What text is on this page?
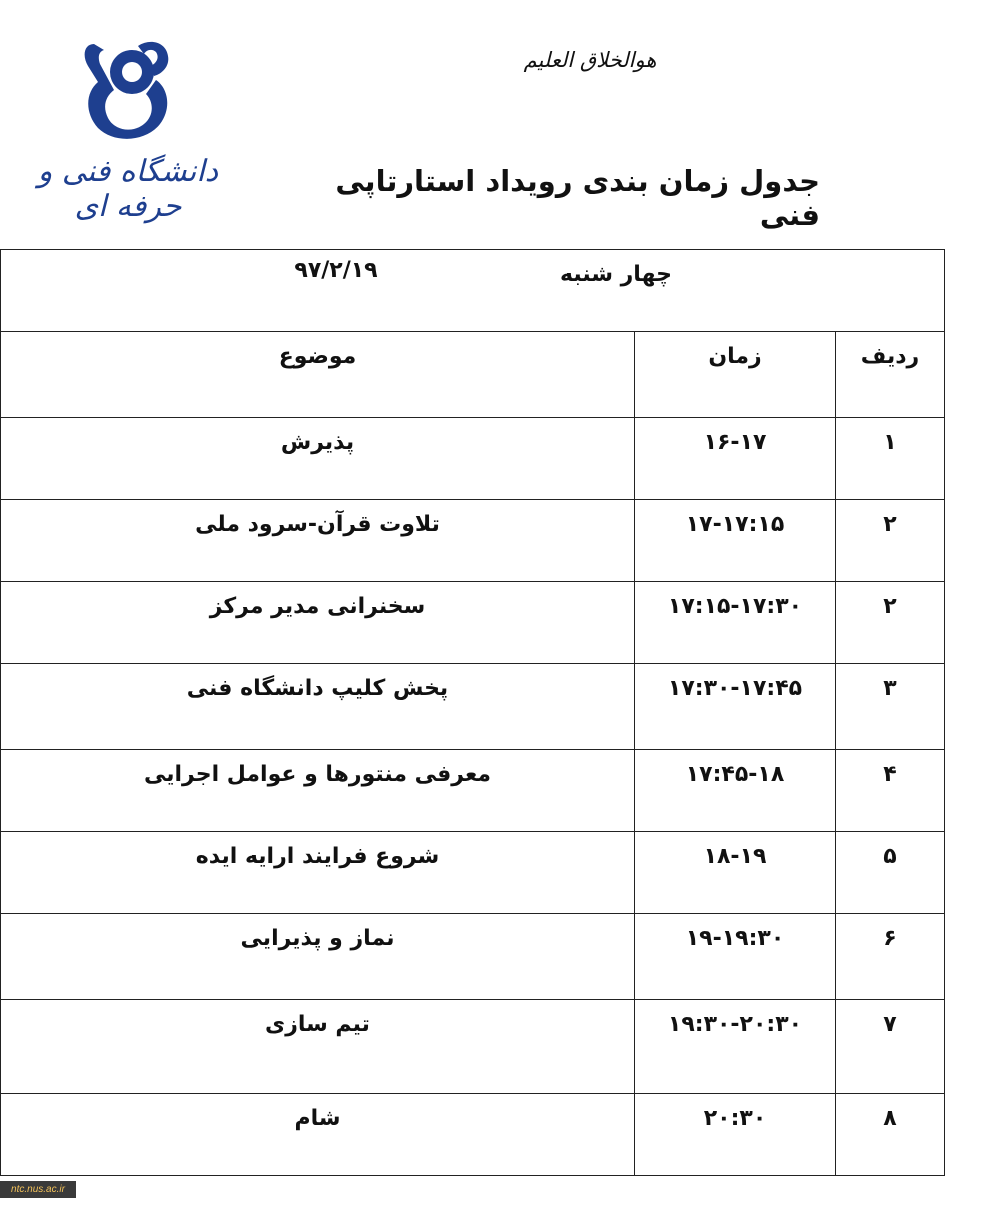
هوالخلاق العلیم
دانشگاه فنی و حرفه ای
جدول زمان بندی رویداد استارتاپی فنی
چهار شنبه
۹۷/۲/۱۹		

ردیف	زمان	موضوع
۱	۱۶-۱۷	پذیرش
۲	۱۷-۱۷:۱۵	تلاوت قرآن-سرود ملی
۲	۱۷:۱۵-۱۷:۳۰	سخنرانی مدیر مرکز
۳	۱۷:۳۰-۱۷:۴۵	پخش کلیپ دانشگاه فنی
۴	۱۷:۴۵-۱۸	معرفی منتورها و عوامل اجرایی
۵	۱۸-۱۹	شروع فرایند ارایه ایده
۶	۱۹-۱۹:۳۰	نماز و پذیرایی
۷	۱۹:۳۰-۲۰:۳۰	تیم سازی
۸	۲۰:۳۰	شام
ntc.nus.ac.ir
